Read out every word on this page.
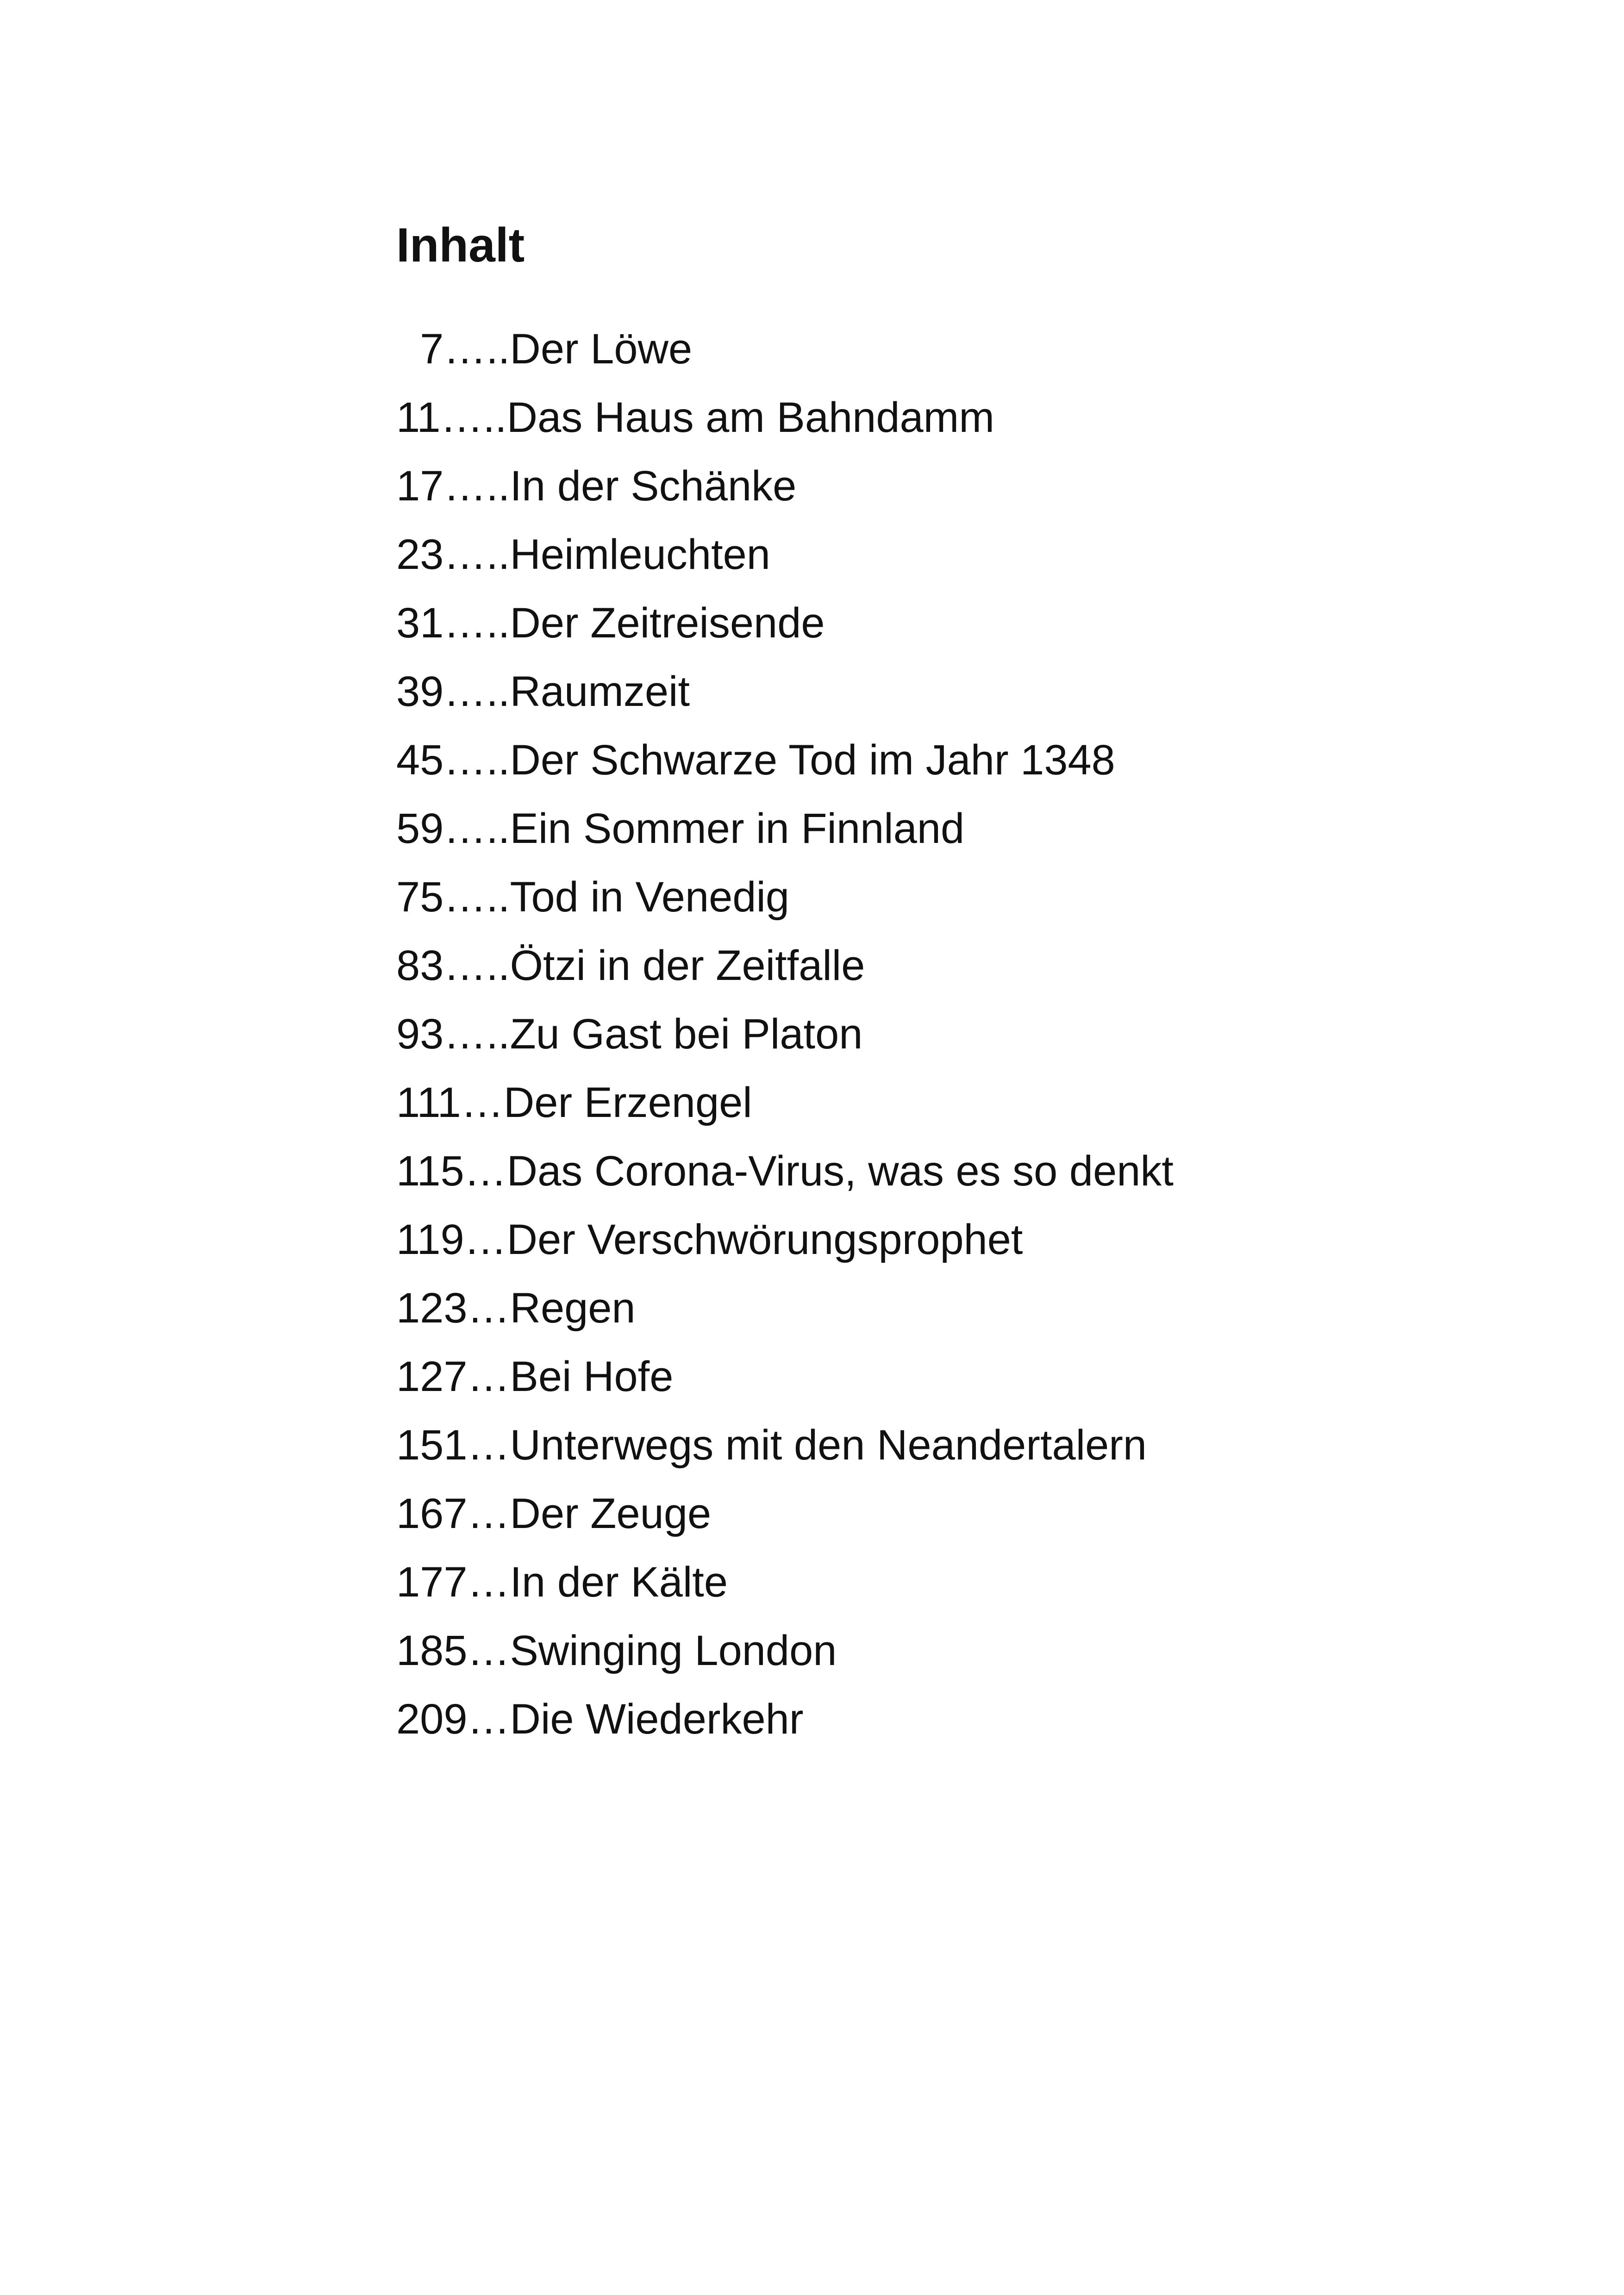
Inhalt
7…..Der Löwe
11…..Das Haus am Bahndamm
17…..In der Schänke
23…..Heimleuchten
31…..Der Zeitreisende
39…..Raumzeit
45…..Der Schwarze Tod im Jahr 1348
59…..Ein Sommer in Finnland
75…..Tod in Venedig
83…..Ötzi in der Zeitfalle
93…..Zu Gast bei Platon
111…Der Erzengel
115…Das Corona-Virus, was es so denkt
119…Der Verschwörungsprophet
123…Regen
127…Bei Hofe
151…Unterwegs mit den Neandertalern
167…Der Zeuge
177…In der Kälte
185…Swinging London
209…Die Wiederkehr
